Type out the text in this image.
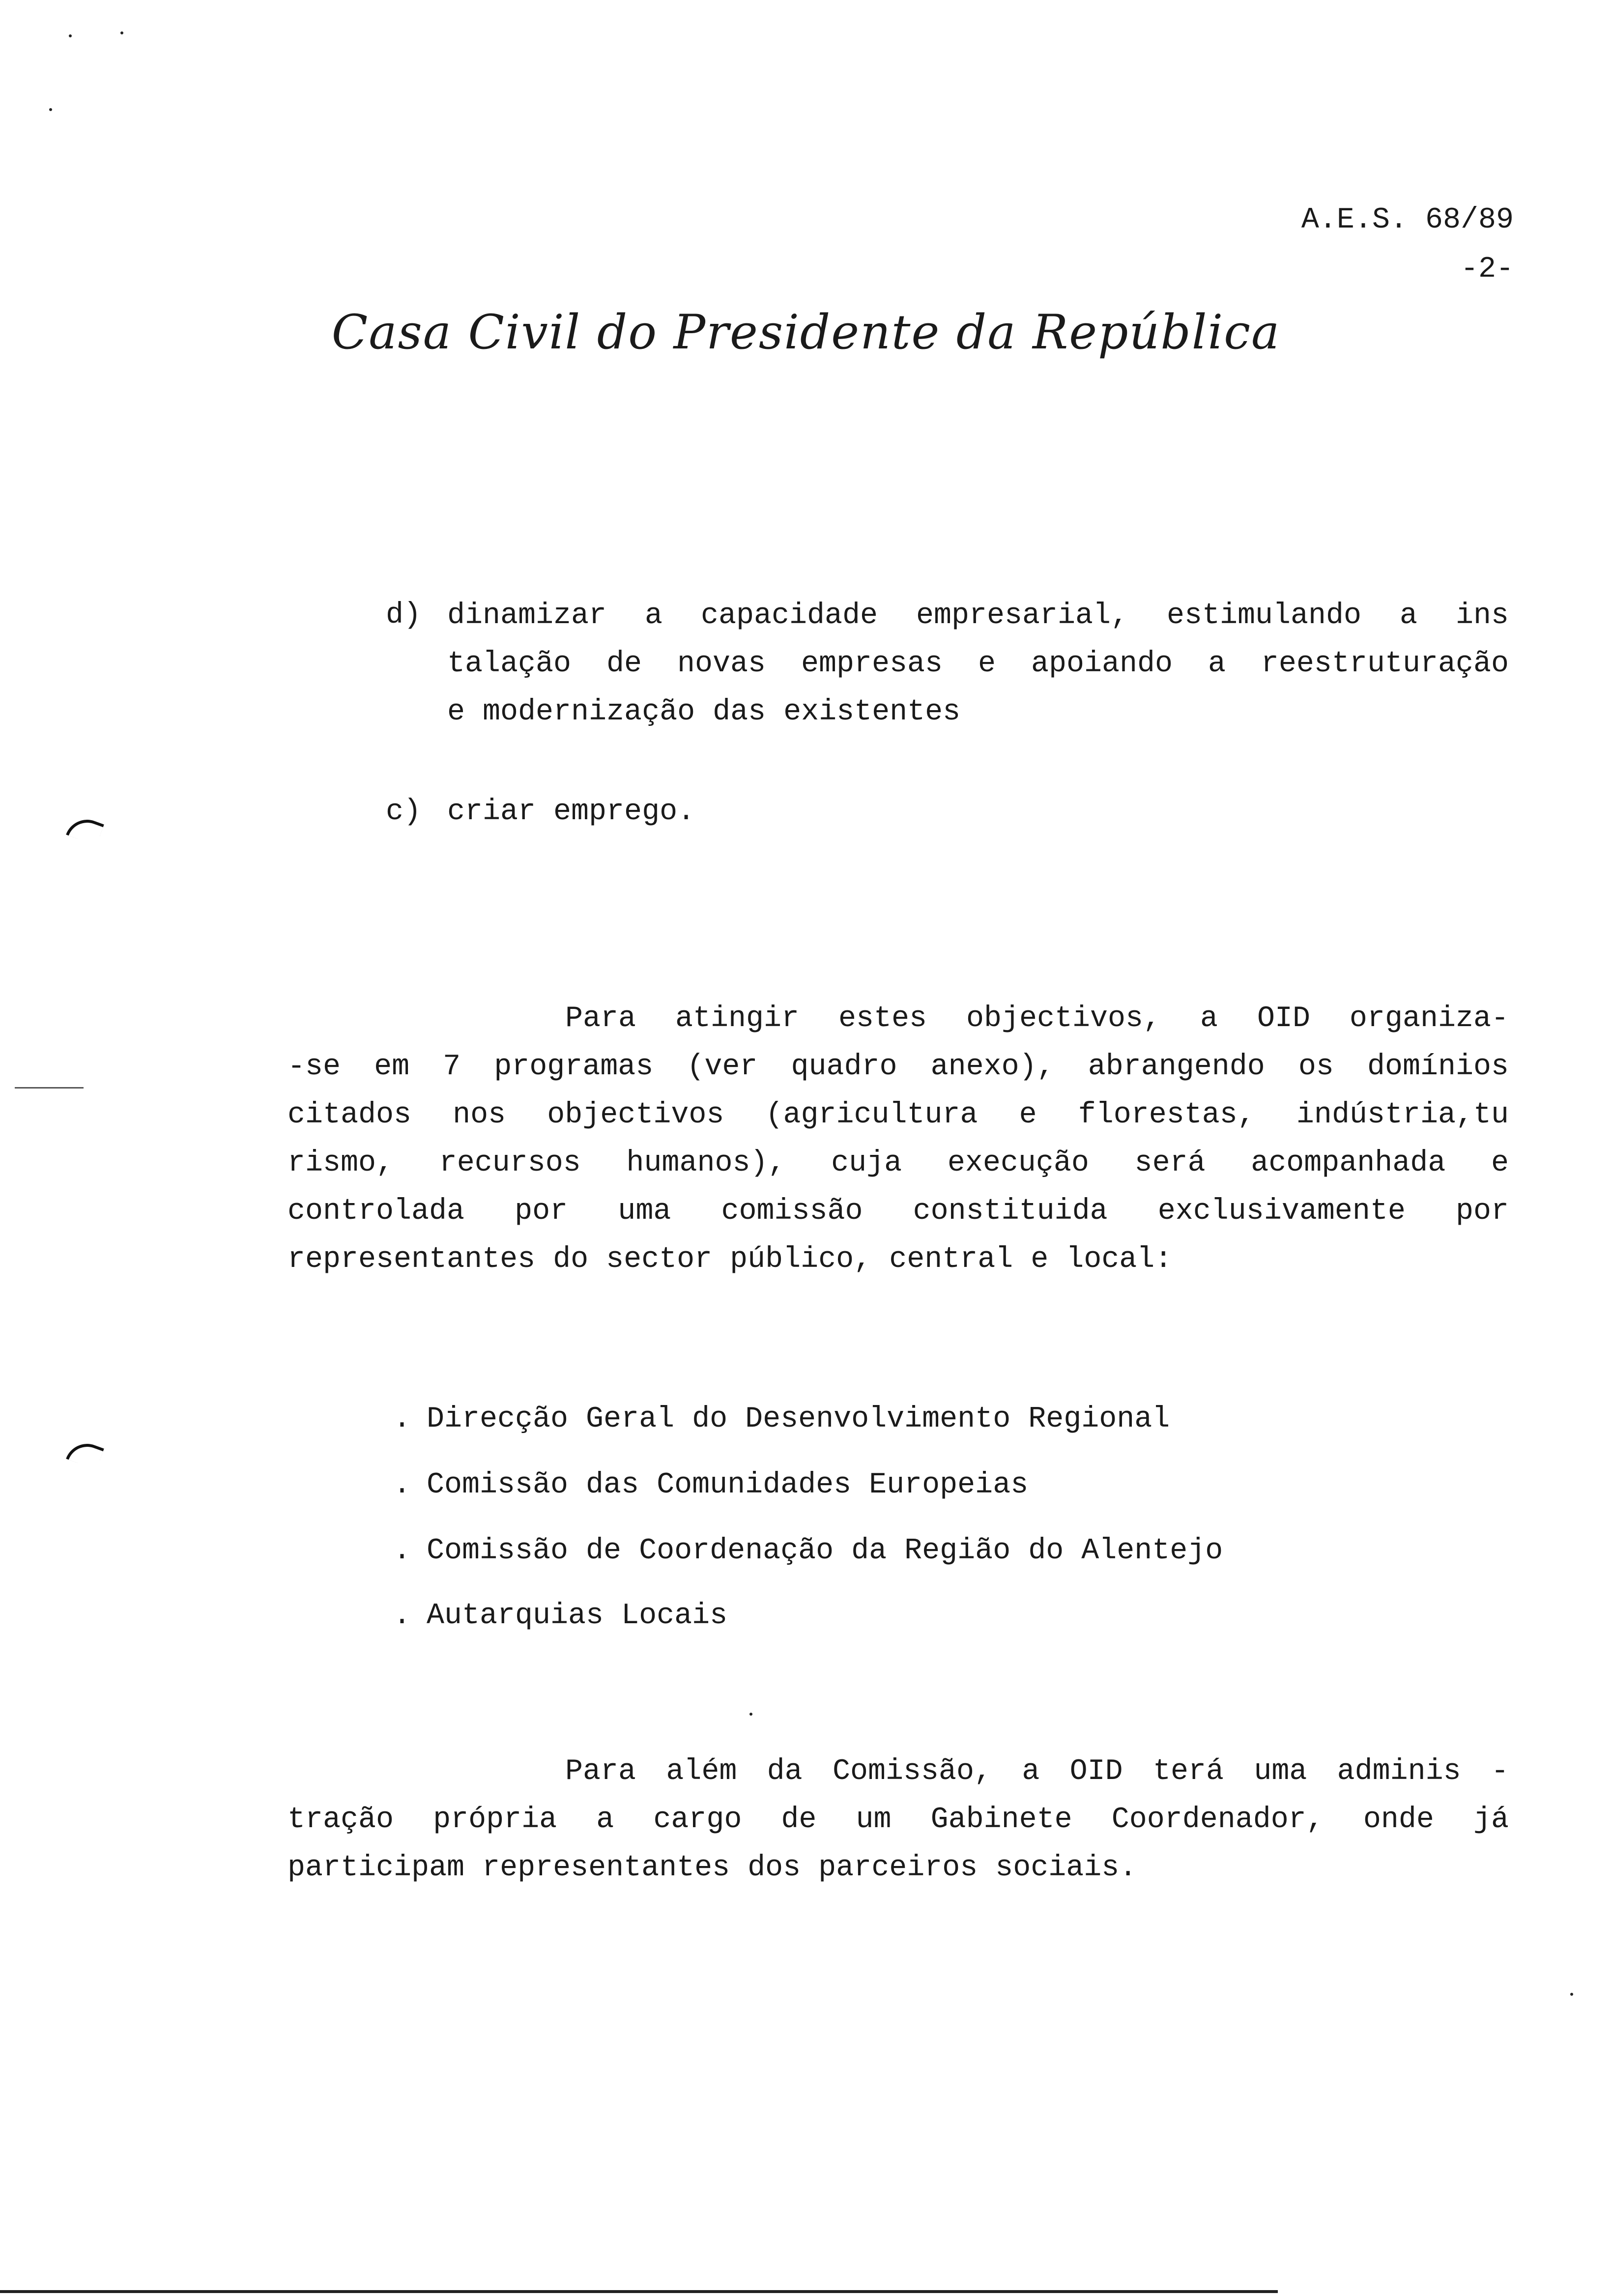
A.E.S. 68/89
-2-
Casa Civil do Presidente da República
d) dinamizar a capacidade empresarial, estimulando a ins
talação de novas empresas e apoiando a reestruturação
e modernização das existentes
c) criar emprego.
Para atingir estes objectivos, a OID organiza-
-se em 7 programas (ver quadro anexo), abrangendo os domínios
citados nos objectivos (agricultura e florestas, indústria,tu
rismo, recursos humanos), cuja execução será acompanhada e
controlada por uma comissão constituida exclusivamente por
representantes do sector público, central e local:
. Direcção Geral do Desenvolvimento Regional
. Comissão das Comunidades Europeias
. Comissão de Coordenação da Região do Alentejo
. Autarquias Locais
Para além da Comissão, a OID terá uma adminis -
tração própria a cargo de um Gabinete Coordenador, onde já
participam representantes dos parceiros sociais.
